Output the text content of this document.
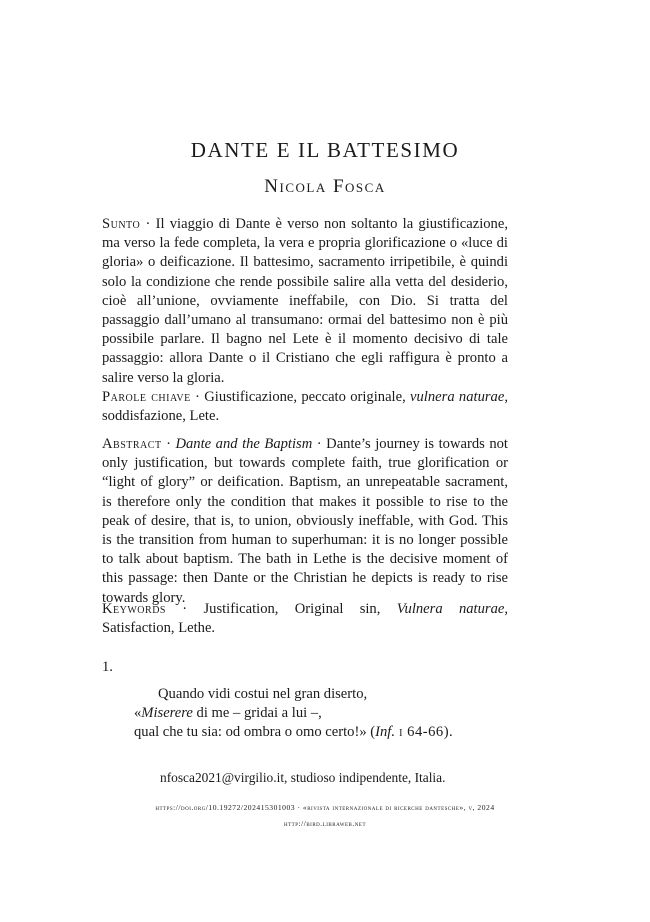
DANTE E IL BATTESIMO
Nicola Fosca
Sunto · Il viaggio di Dante è verso non soltanto la giustificazione, ma verso la fede completa, la vera e propria glorificazione o «luce di gloria» o deificazione. Il battesimo, sacramento irripetibile, è quindi solo la condizione che rende possibile salire alla vetta del desiderio, cioè all’unione, ovviamente ineffabile, con Dio. Si tratta del passaggio dall’umano al transumano: ormai del battesimo non è più possibile parlare. Il bagno nel Lete è il momento decisivo di tale passaggio: allora Dante o il Cristiano che egli raffigura è pronto a salire verso la gloria.
Parole chiave · Giustificazione, peccato originale, vulnera naturae, soddisfazione, Lete.
Abstract · Dante and the Baptism · Dante’s journey is towards not only justification, but towards complete faith, true glorification or “light of glory” or deification. Baptism, an unrepeatable sacrament, is therefore only the condition that makes it possible to rise to the peak of desire, that is, to union, obviously ineffable, with God. This is the transition from human to superhuman: it is no longer possible to talk about baptism. The bath in Lethe is the decisive moment of this passage: then Dante or the Christian he depicts is ready to rise towards glory.
Keywords · Justification, Original sin, Vulnera naturae, Satisfaction, Lethe.
1.
Quando vidi costui nel gran diserto,
«Miserere di me – gridai a lui –,
qual che tu sia: od ombra o omo certo!» (Inf. i 64-66).
nfosca2021@virgilio.it, studioso indipendente, Italia.
https://doi.org/10.19272/202415301003 · «rivista internazionale di ricerche dantesche», v, 2024
http://bird.libraweb.net
